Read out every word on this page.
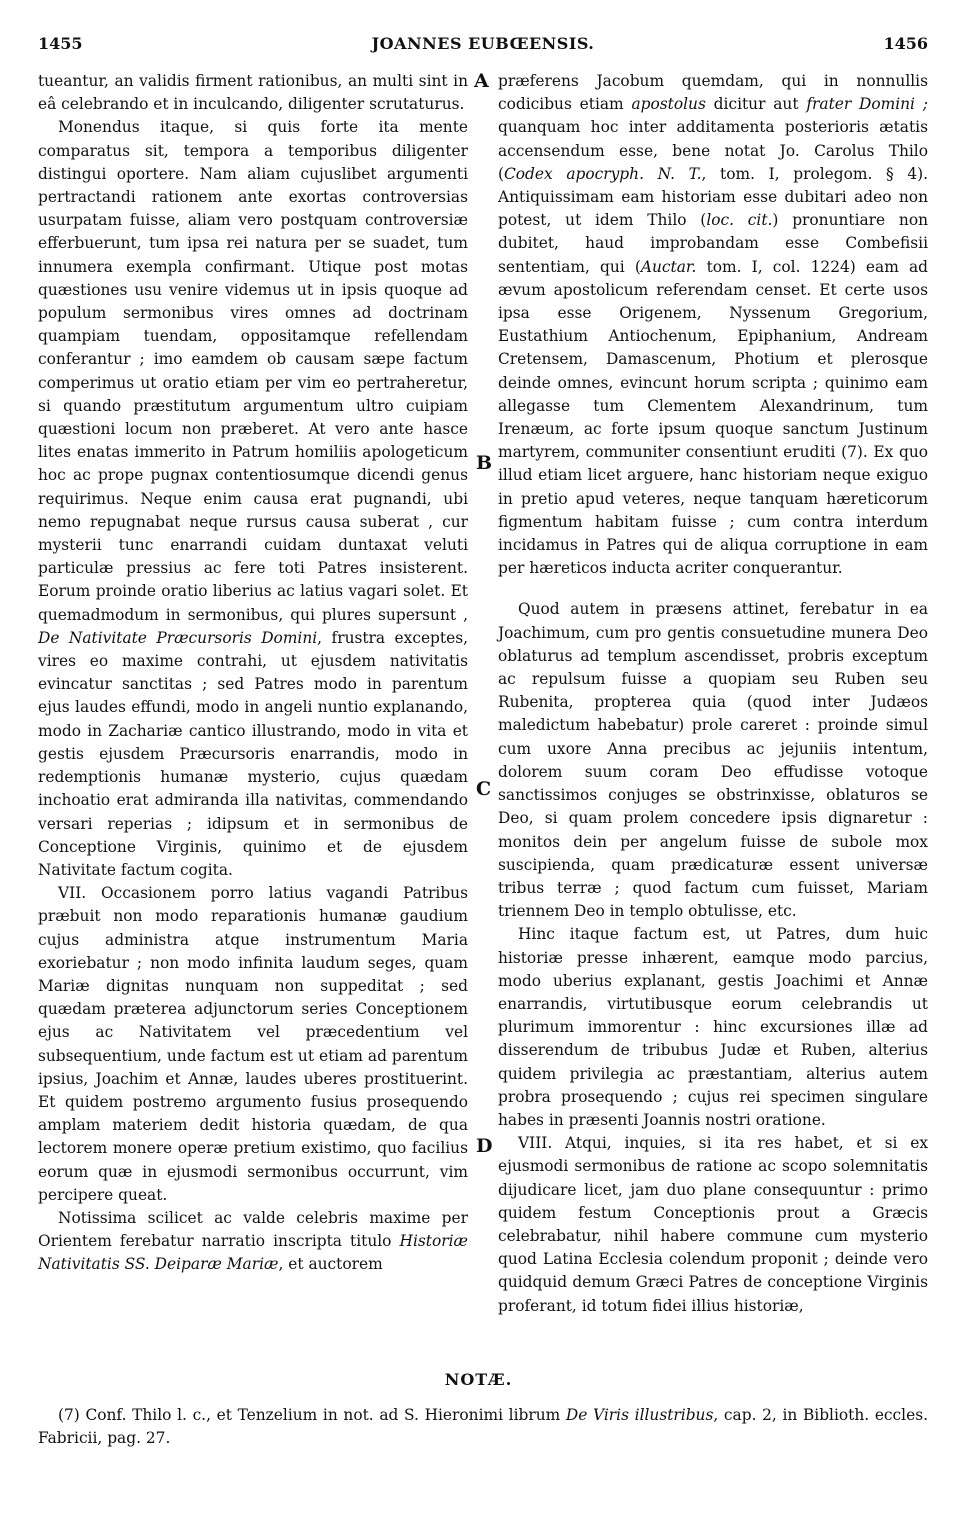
1455	JOANNES EUBŒENSIS.	1456

tueantur, an validis firment rationibus, an multi sint in eâ celebrando et in inculcando, diligenter scrutaturus.

Monendus itaque, si quis forte ita mente comparatus sit, tempora a temporibus diligenter distingui oportere. Nam aliam cujuslibet argumenti pertractandi rationem ante exortas controversias usurpatam fuisse, aliam vero postquam controversiæ efferbuerunt, tum ipsa rei natura per se suadet, tum innumera exempla confirmant. Utique post motas quæstiones usu venire videmus ut in ipsis quoque ad populum sermonibus vires omnes ad doctrinam quampiam tuendam, oppositamque refellendam conferantur ; imo eamdem ob causam sæpe factum comperimus ut oratio etiam per vim eo pertraheretur, si quando præstitutum argumentum ultro cuipiam quæstioni locum non præberet. At vero ante hasce lites enatas immerito in Patrum homiliis apologeticum hoc ac prope pugnax contentiosumque dicendi genus requirimus. Neque enim causa erat pugnandi, ubi nemo repugnabat neque rursus causa suberat , cur mysterii tunc enarrandi cuidam duntaxat veluti particulæ pressius ac fere toti Patres insisterent. Eorum proinde oratio liberius ac latius vagari solet. Et quemadmodum in sermonibus, qui plures supersunt , De Nativitate Præcursoris Domini, frustra exceptes, vires eo maxime contrahi, ut ejusdem nativitatis evincatur sanctitas ; sed Patres modo in parentum ejus laudes effundi, modo in angeli nuntio explanando, modo in Zachariæ cantico illustrando, modo in vita et gestis ejusdem Præcursoris enarrandis, modo in redemptionis humanæ mysterio, cujus quædam inchoatio erat admiranda illa nativitas, commendando versari reperias ; idipsum et in sermonibus de Conceptione Virginis, quinimo et de ejusdem Nativitate factum cogita.

VII. Occasionem porro latius vagandi Patribus præbuit non modo reparationis humanæ gaudium cujus administra atque instrumentum Maria exoriebatur ; non modo infinita laudum seges, quam Mariæ dignitas nunquam non suppeditat ; sed quædam præterea adjunctorum series Conceptionem ejus ac Nativitatem vel præcedentium vel subsequentium, unde factum est ut etiam ad parentum ipsius, Joachim et Annæ, laudes uberes prostituerint. Et quidem postremo argumento fusius prosequendo amplam materiem dedit historia quædam, de qua lectorem monere operæ pretium existimo, quo facilius eorum quæ in ejusmodi sermonibus occurrunt, vim percipere queat.

Notissima scilicet ac valde celebris maxime per Orientem ferebatur narratio inscripta titulo Historiæ Nativitatis SS. Deiparæ Mariæ, et auctorem

præferens Jacobum quemdam, qui in nonnullis codicibus etiam apostolus dicitur aut frater Domini ; quanquam hoc inter additamenta posterioris ætatis accensendum esse, bene notat Jo. Carolus Thilo (Codex apocryph. N. T., tom. I, prolegom. § 4). Antiquissimam eam historiam esse dubitari adeo non potest, ut idem Thilo (loc. cit.) pronuntiare non dubitet, haud improbandam esse Combefisii sententiam, qui (Auctar. tom. I, col. 1224) eam ad ævum apostolicum referendam censet. Et certe usos ipsa esse Origenem, Nyssenum Gregorium, Eustathium Antiochenum, Epiphanium, Andream Cretensem, Damascenum, Photium et plerosque deinde omnes, evincunt horum scripta ; quinimo eam allegasse tum Clementem Alexandrinum, tum Irenæum, ac forte ipsum quoque sanctum Justinum martyrem, communiter consentiunt eruditi (7). Ex quo illud etiam licet arguere, hanc historiam neque exiguo in pretio apud veteres, neque tanquam hæreticorum figmentum habitam fuisse ; cum contra interdum incidamus in Patres qui de aliqua corruptione in eam per hæreticos inducta acriter conquerantur.

Quod autem in præsens attinet, ferebatur in ea Joachimum, cum pro gentis consuetudine munera Deo oblaturus ad templum ascendisset, probris exceptum ac repulsum fuisse a quopiam seu Ruben seu Rubenita, propterea quia (quod inter Judæos maledictum habebatur) prole careret : proinde simul cum uxore Anna precibus ac jejuniis intentum, dolorem suum coram Deo effudisse votoque sanctissimos conjuges se obstrinxisse, oblaturos se Deo, si quam prolem concedere ipsis dignaretur : monitos dein per angelum fuisse de subole mox suscipienda, quam prædicaturæ essent universæ tribus terræ ; quod factum cum fuisset, Mariam triennem Deo in templo obtulisse, etc.

Hinc itaque factum est, ut Patres, dum huic historiæ presse inhærent, eamque modo parcius, modo uberius explanant, gestis Joachimi et Annæ enarrandis, virtutibusque eorum celebrandis ut plurimum immorentur : hinc excursiones illæ ad disserendum de tribubus Judæ et Ruben, alterius quidem privilegia ac præstantiam, alterius autem probra prosequendo ; cujus rei specimen singulare habes in præsenti Joannis nostri oratione.

VIII. Atqui, inquies, si ita res habet, et si ex ejusmodi sermonibus de ratione ac scopo solemnitatis dijudicare licet, jam duo plane consequuntur : primo quidem festum Conceptionis prout a Græcis celebrabatur, nihil habere commune cum mysterio quod Latina Ecclesia colendum proponit ; deinde vero quidquid demum Græci Patres de conceptione Virginis proferant, id totum fidei illius historiæ,

A
B
C
D
NOTÆ.
(7) Conf. Thilo l. c., et Tenzelium in not. ad S. Hieronimi librum De Viris illustribus, cap. 2, in Biblioth. eccles. Fabricii, pag. 27.
